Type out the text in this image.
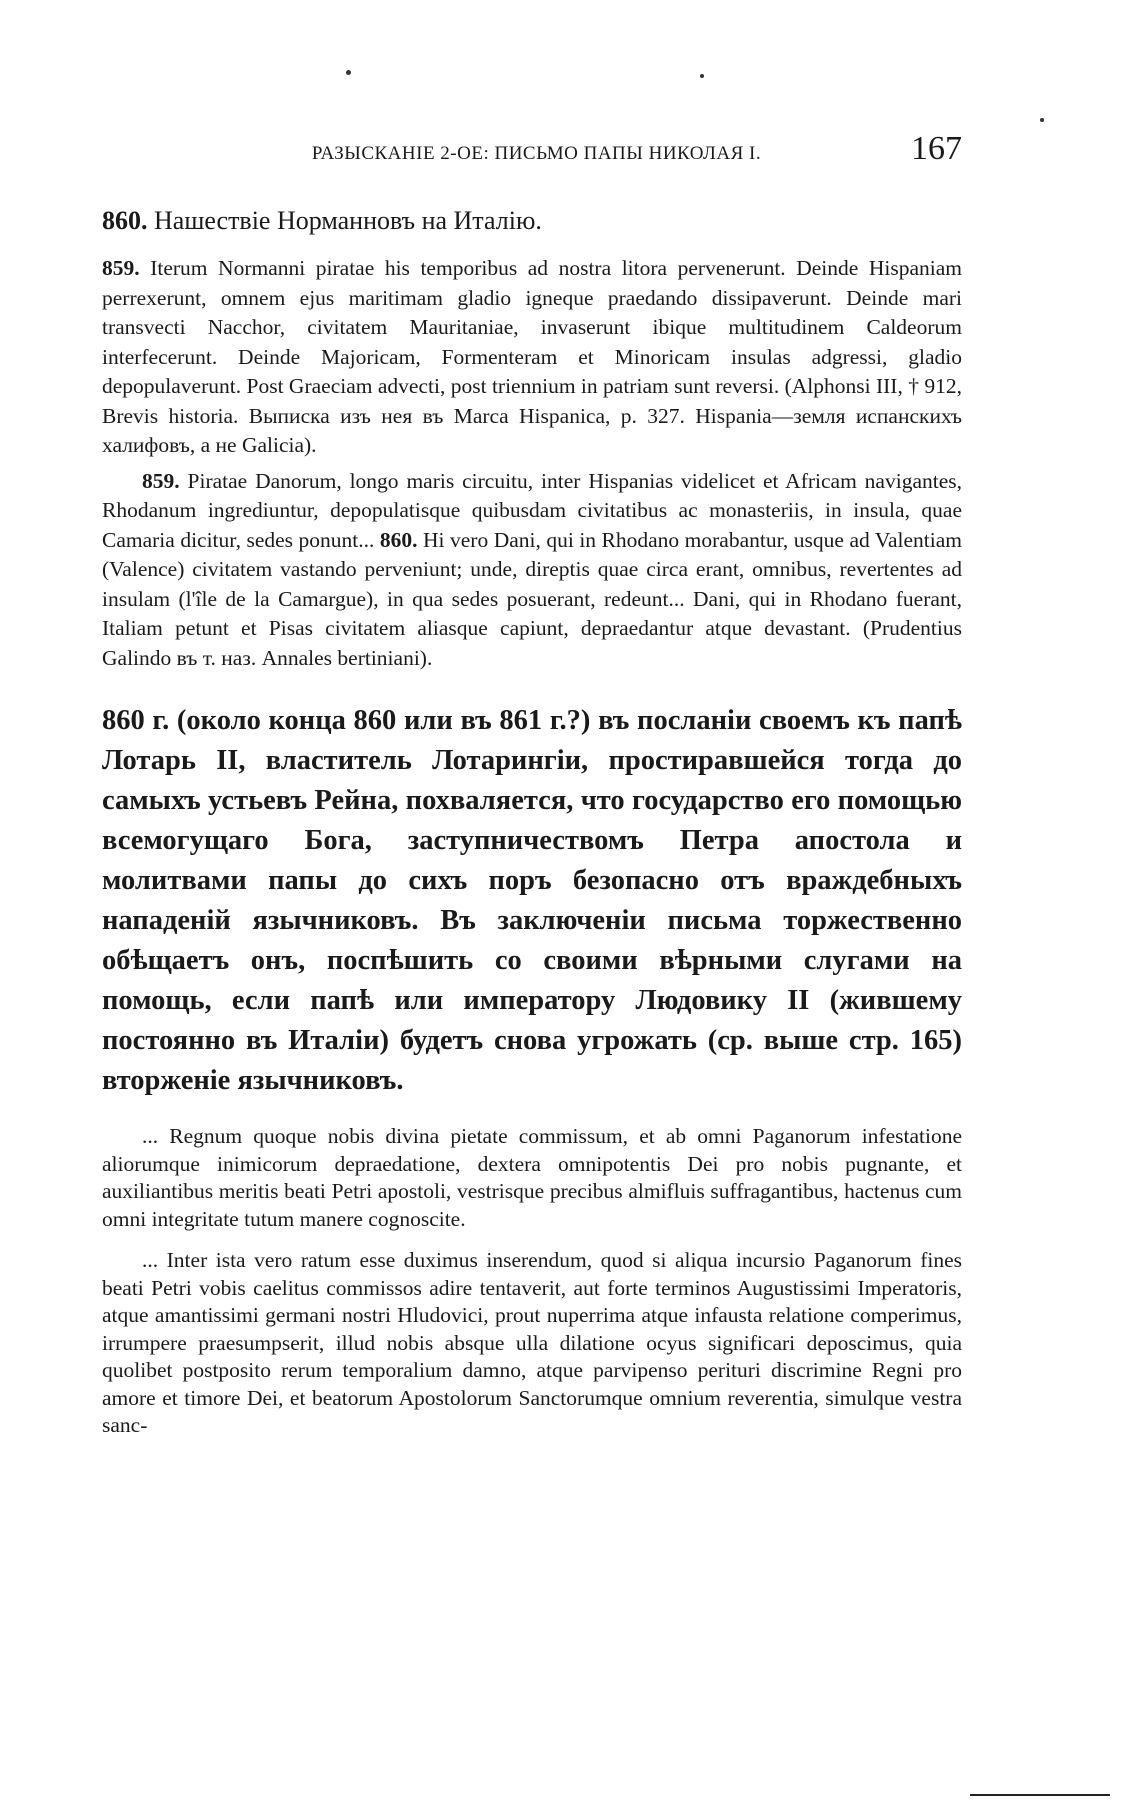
РАЗЫСКАНІЕ 2-ОЕ: ПИСЬМО ПАПЫ НИКОЛАЯ I.	167

860. Нашествіе Норманновъ на Италію.

859. Iterum Normanni piratae his temporibus ad nostra litora pervenerunt. Deinde Hispaniam perrexerunt, omnem ejus maritimam gladio igneque praedando dissipaverunt. Deinde mari transvecti Nacchor, civitatem Mauritaniae, invaserunt ibique multitudinem Caldeorum interfecerunt. Deinde Majoricam, Formenteram et Minoricam insulas adgressi, gladio depopulaverunt. Post Graeciam advecti, post triennium in patriam sunt reversi. (Alphonsi III, † 912, Brevis historia. Выписка изъ нея въ Marca Hispanica, p. 327. Hispania—земля испанскихъ халифовъ, а не Galicia).

859. Piratae Danorum, longo maris circuitu, inter Hispanias videlicet et Africam navigantes, Rhodanum ingrediuntur, depopulatisque quibusdam civitatibus ac monasteriis, in insula, quae Camaria dicitur, sedes ponunt... 860. Hi vero Dani, qui in Rhodano morabantur, usque ad Valentiam (Valence) civitatem vastando perveniunt; unde, direptis quae circa erant, omnibus, revertentes ad insulam (l'île de la Camargue), in qua sedes posuerant, redeunt... Dani, qui in Rhodano fuerant, Italiam petunt et Pisas civitatem aliasque capiunt, depraedantur atque devastant. (Prudentius Galindo въ т. наз. Annales bertiniani).

860 г. (около конца 860 или въ 861 г.?) въ посланіи своемъ къ папѣ Лотарь II, властитель Лотарингіи, простиравшейся тогда до самыхъ устьевъ Рейна, похваляется, что государство его помощью всемогущаго Бога, заступничествомъ Петра апостола и молитвами папы до сихъ поръ безопасно отъ враждебныхъ нападеній язычниковъ. Въ заключеніи письма торжественно обѣщаетъ онъ, поспѣшить со своими вѣрными слугами на помощь, если папѣ или императору Людовику II (жившему постоянно въ Италіи) будетъ снова угрожать (ср. выше стр. 165) вторженіе язычниковъ.

... Regnum quoque nobis divina pietate commissum, et ab omni Paganorum infestatione aliorumque inimicorum depraedatione, dextera omnipotentis Dei pro nobis pugnante, et auxiliantibus meritis beati Petri apostoli, vestrisque precibus almifluis suffragantibus, hactenus cum omni integritate tutum manere cognoscite.

... Inter ista vero ratum esse duximus inserendum, quod si aliqua incursio Paganorum fines beati Petri vobis caelitus commissos adire tentaverit, aut forte terminos Augustissimi Imperatoris, atque amantissimi germani nostri Hludovici, prout nuperrima atque infausta relatione comperimus, irrumpere praesumpserit, illud nobis absque ulla dilatione ocyus significari deposcimus, quia quolibet postposito rerum temporalium damno, atque parvipenso perituri discrimine Regni pro amore et timore Dei, et beatorum Apostolorum Sanctorumque omnium reverentia, simulque vestra sanc-
